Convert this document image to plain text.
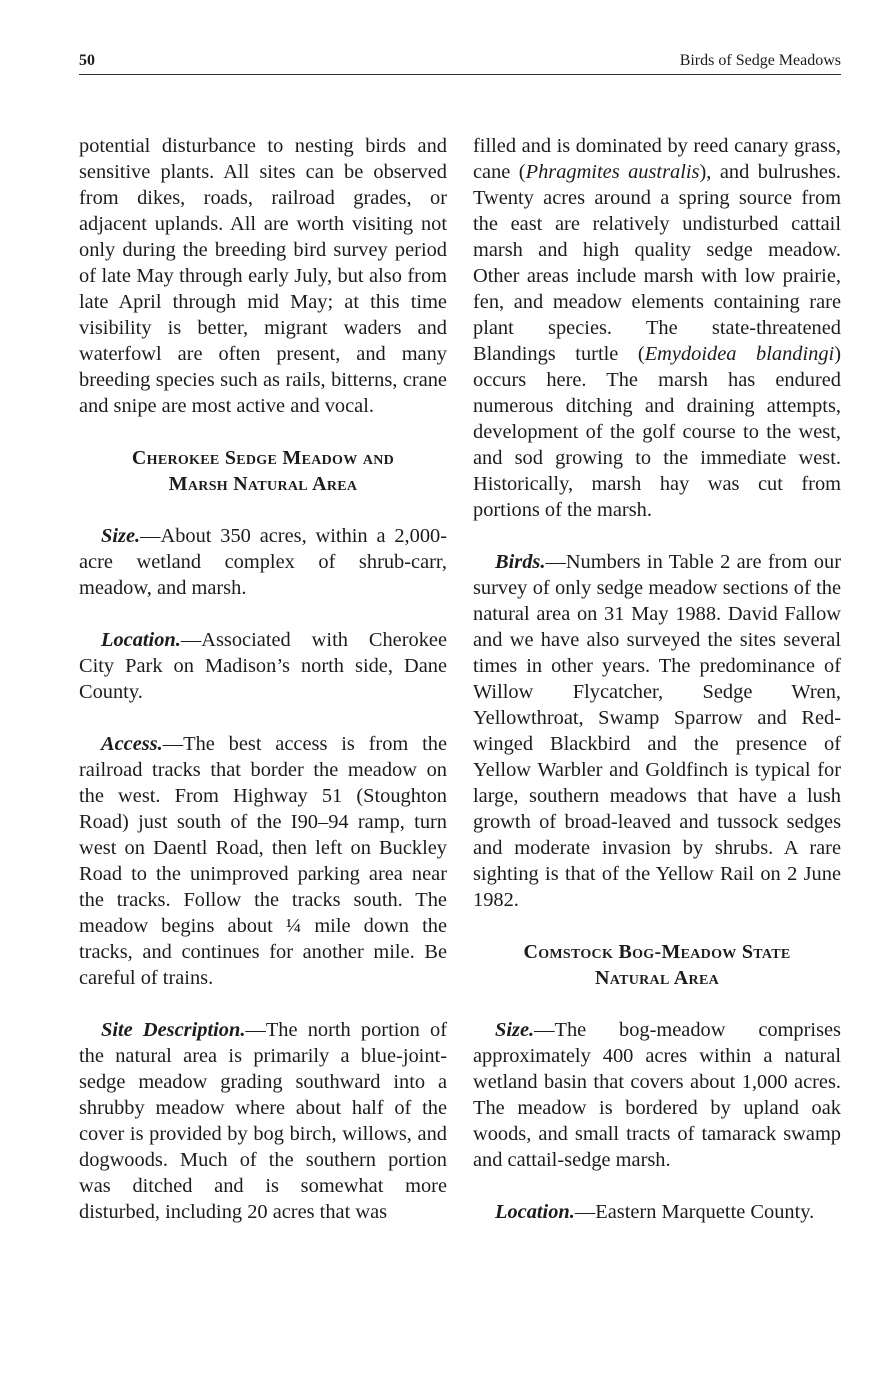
50	Birds of Sedge Meadows

potential disturbance to nesting birds and sensitive plants. All sites can be observed from dikes, roads, railroad grades, or adjacent uplands. All are worth visiting not only during the breeding bird survey period of late May through early July, but also from late April through mid May; at this time visibility is better, migrant waders and waterfowl are often present, and many breeding species such as rails, bitterns, crane and snipe are most active and vocal.

Cherokee Sedge Meadow and
Marsh Natural Area

Size.—About 350 acres, within a 2,000-acre wetland complex of shrub-carr, meadow, and marsh.

Location.—Associated with Cherokee City Park on Madison’s north side, Dane County.

Access.—The best access is from the railroad tracks that border the meadow on the west. From Highway 51 (Stoughton Road) just south of the I90–94 ramp, turn west on Daentl Road, then left on Buckley Road to the unimproved parking area near the tracks. Follow the tracks south. The meadow begins about ¼ mile down the tracks, and continues for another mile. Be careful of trains.

Site Description.—The north portion of the natural area is primarily a blue-joint-sedge meadow grading southward into a shrubby meadow where about half of the cover is provided by bog birch, willows, and dogwoods. Much of the southern portion was ditched and is somewhat more disturbed, including 20 acres that was

filled and is dominated by reed canary grass, cane (Phragmites australis), and bulrushes. Twenty acres around a spring source from the east are relatively undisturbed cattail marsh and high quality sedge meadow. Other areas include marsh with low prairie, fen, and meadow elements containing rare plant species. The state-threatened Blandings turtle (Emydoidea blandingi) occurs here. The marsh has endured numerous ditching and draining attempts, development of the golf course to the west, and sod growing to the immediate west. Historically, marsh hay was cut from portions of the marsh.

Birds.—Numbers in Table 2 are from our survey of only sedge meadow sections of the natural area on 31 May 1988. David Fallow and we have also surveyed the sites several times in other years. The predominance of Willow Flycatcher, Sedge Wren, Yellowthroat, Swamp Sparrow and Red-winged Blackbird and the presence of Yellow Warbler and Goldfinch is typical for large, southern meadows that have a lush growth of broad-leaved and tussock sedges and moderate invasion by shrubs. A rare sighting is that of the Yellow Rail on 2 June 1982.

Comstock Bog-Meadow State
Natural Area

Size.—The bog-meadow comprises approximately 400 acres within a natural wetland basin that covers about 1,000 acres. The meadow is bordered by upland oak woods, and small tracts of tamarack swamp and cattail-sedge marsh.

Location.—Eastern Marquette County.
